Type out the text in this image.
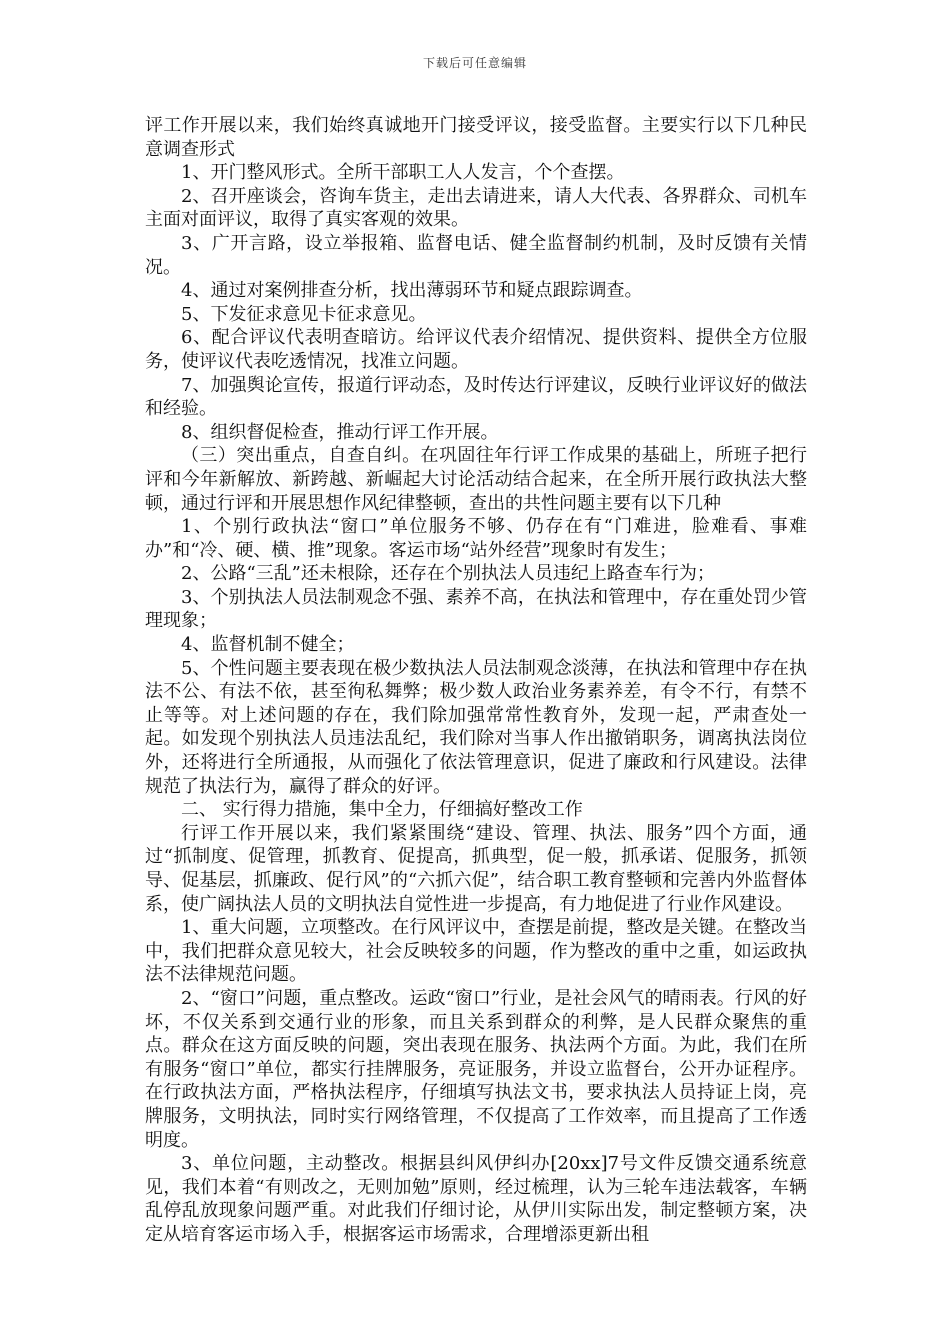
下载后可任意编辑

评工作开展以来，我们始终真诚地开门接受评议，接受监督。主要实行以下几种民意调查形式

1、开门整风形式。全所干部职工人人发言，个个查摆。

2、召开座谈会，咨询车货主，走出去请进来，请人大代表、各界群众、司机车主面对面评议，取得了真实客观的效果。

3、广开言路，设立举报箱、监督电话、健全监督制约机制，及时反馈有关情况。

4、通过对案例排查分析，找出薄弱环节和疑点跟踪调查。

5、下发征求意见卡征求意见。

6、配合评议代表明查暗访。给评议代表介绍情况、提供资料、提供全方位服务，使评议代表吃透情况，找准立问题。

7、加强舆论宣传，报道行评动态，及时传达行评建议，反映行业评议好的做法和经验。

8、组织督促检查，推动行评工作开展。

（三）突出重点，自查自纠。在巩固往年行评工作成果的基础上，所班子把行评和今年新解放、新跨越、新崛起大讨论活动结合起来，在全所开展行政执法大整顿，通过行评和开展思想作风纪律整顿，查出的共性问题主要有以下几种

1、个别行政执法“窗口”单位服务不够、仍存在有“门难进，脸难看、事难办”和“冷、硬、横、推”现象。客运市场“站外经营”现象时有发生；

2、公路“三乱”还未根除，还存在个别执法人员违纪上路查车行为；

3、个别执法人员法制观念不强、素养不高，在执法和管理中，存在重处罚少管理现象；

4、监督机制不健全；

5、个性问题主要表现在极少数执法人员法制观念淡薄，在执法和管理中存在执法不公、有法不依，甚至徇私舞弊；极少数人政治业务素养差，有令不行，有禁不止等等。对上述问题的存在，我们除加强常常性教育外，发现一起，严肃查处一起。如发现个别执法人员违法乱纪，我们除对当事人作出撤销职务，调离执法岗位外，还将进行全所通报，从而强化了依法管理意识，促进了廉政和行风建设。法律规范了执法行为，赢得了群众的好评。

二、 实行得力措施，集中全力，仔细搞好整改工作

行评工作开展以来，我们紧紧围绕“建设、管理、执法、服务”四个方面，通过“抓制度、促管理，抓教育、促提高，抓典型，促一般，抓承诺、促服务，抓领导、促基层，抓廉政、促行风”的“六抓六促”，结合职工教育整顿和完善内外监督体系，使广阔执法人员的文明执法自觉性进一步提高，有力地促进了行业作风建设。

1、重大问题，立项整改。在行风评议中，查摆是前提，整改是关键。在整改当中，我们把群众意见较大，社会反映较多的问题，作为整改的重中之重，如运政执法不法律规范问题。

2、“窗口”问题，重点整改。运政“窗口”行业，是社会风气的晴雨表。行风的好坏，不仅关系到交通行业的形象，而且关系到群众的利弊，是人民群众聚焦的重点。群众在这方面反映的问题，突出表现在服务、执法两个方面。为此，我们在所有服务“窗口”单位，都实行挂牌服务，亮证服务，并设立监督台，公开办证程序。在行政执法方面，严格执法程序，仔细填写执法文书，要求执法人员持证上岗，亮牌服务，文明执法，同时实行网络管理，不仅提高了工作效率，而且提高了工作透明度。

3、单位问题，主动整改。根据县纠风伊纠办[20xx]7号文件反馈交通系统意见，我们本着“有则改之，无则加勉”原则，经过梳理，认为三轮车违法载客，车辆乱停乱放现象问题严重。对此我们仔细讨论，从伊川实际出发，制定整顿方案，决定从培育客运市场入手，根据客运市场需求，合理增添更新出租
